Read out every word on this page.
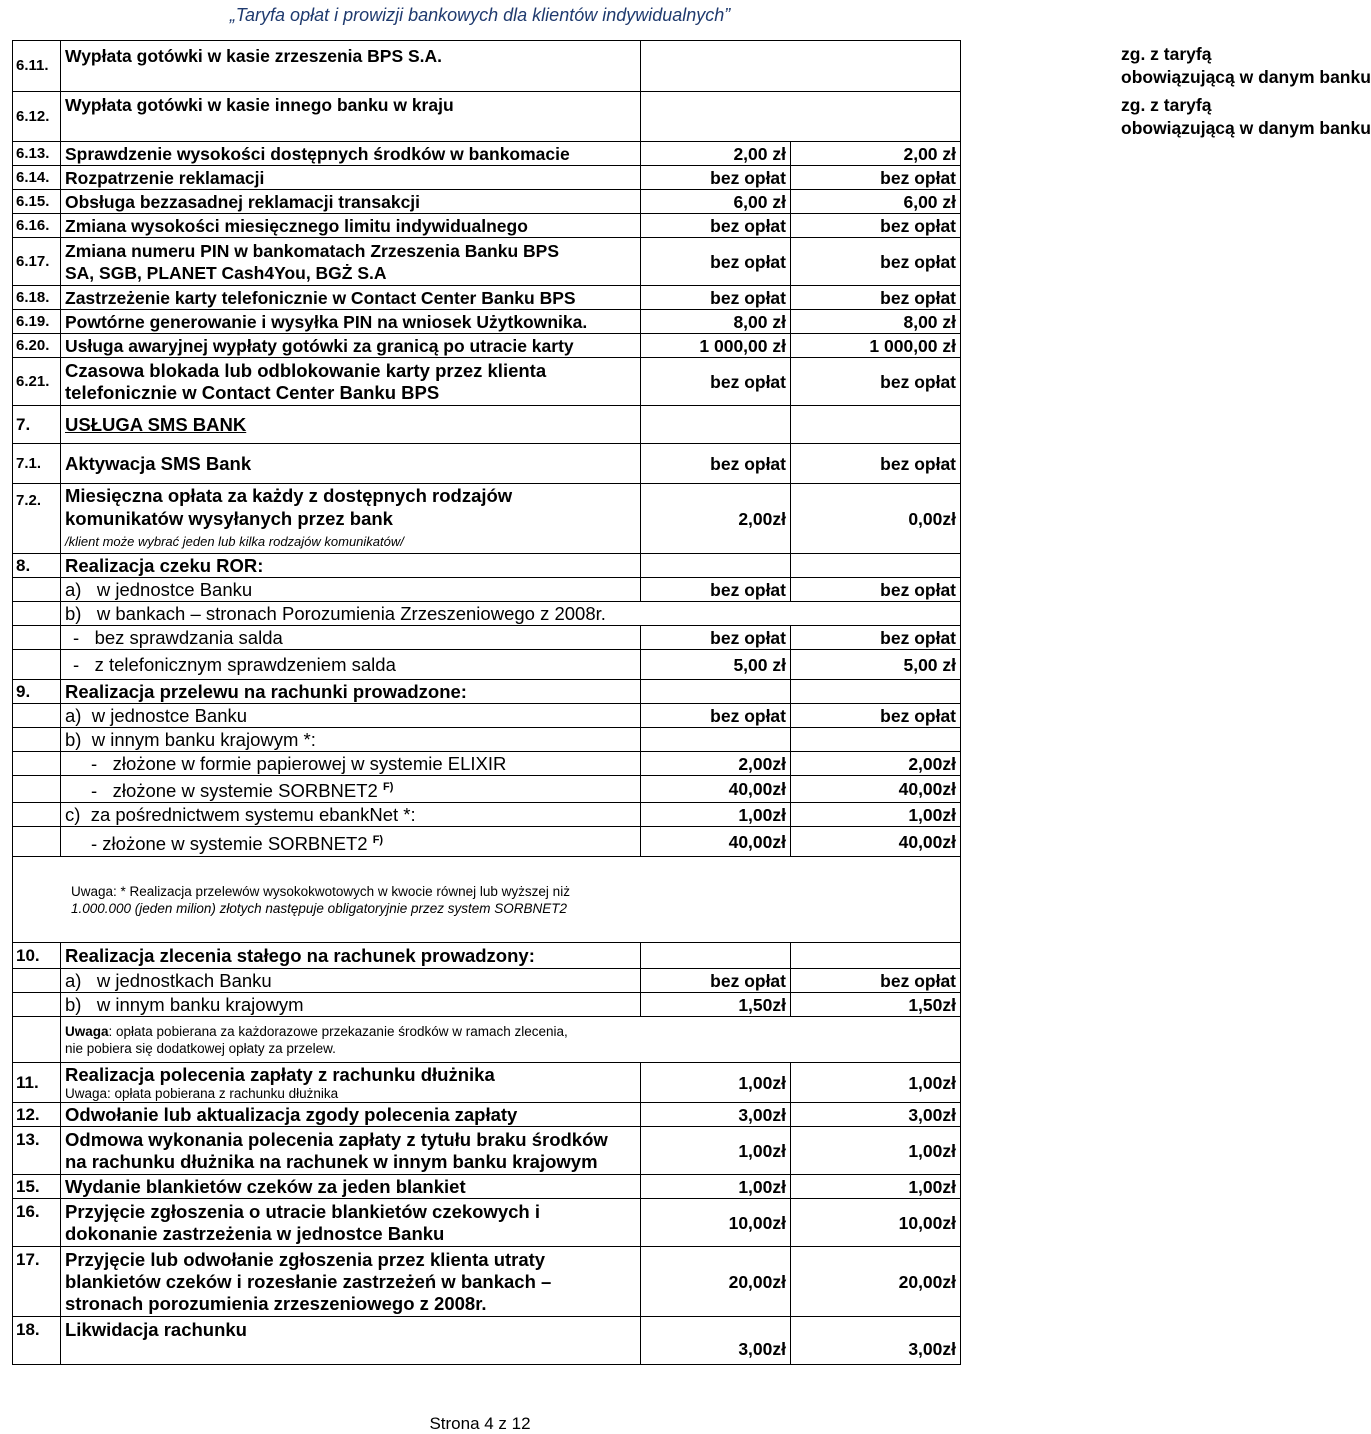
„Taryfa opłat i prowizji bankowych dla klientów indywidualnych”
6.11.	Wypłata gotówki w kasie zrzeszenia BPS S.A.	zg. z taryfą
obowiązującą w danym banku	

6.12.	Wypłata gotówki w kasie innego banku w kraju	zg. z taryfą
obowiązującą w danym banku	

6.13.	Sprawdzenie wysokości dostępnych środków w bankomacie	2,00 zł	2,00 zł
6.14.	Rozpatrzenie reklamacji	bez opłat	bez opłat
6.15.	Obsługa bezzasadnej reklamacji transakcji	6,00 zł	6,00 zł
6.16.	Zmiana wysokości miesięcznego limitu indywidualnego	bez opłat	bez opłat
6.17.	Zmiana numeru PIN w bankomatach Zrzeszenia Banku BPS
SA, SGB, PLANET Cash4You, BGŻ S.A	bez opłat	bez opłat
6.18.	Zastrzeżenie karty telefonicznie w Contact Center Banku BPS	bez opłat	bez opłat
6.19.	Powtórne generowanie i wysyłka PIN na wniosek Użytkownika.	8,00 zł	8,00 zł
6.20.	Usługa awaryjnej wypłaty gotówki za granicą po utracie karty	1 000,00 zł	1 000,00 zł
6.21.	Czasowa blokada lub odblokowanie karty przez klienta
telefonicznie w Contact Center Banku BPS	bez opłat	bez opłat
7.	USŁUGA SMS BANK		
7.1.	Aktywacja SMS Bank	bez opłat	bez opłat
7.2.	Miesięczna opłata za każdy z dostępnych rodzajów
komunikatów wysyłanych przez bank
/klient może wybrać jeden lub kilka rodzajów komunikatów/	2,00zł	0,00zł
8.	Realizacja czeku ROR:		
	a)   w jednostce Banku	bez opłat	bez opłat
	b)   w bankach – stronach Porozumienia Zrzeszeniowego z 2008r.		
	-   bez sprawdzania salda	bez opłat	bez opłat
	-   z telefonicznym sprawdzeniem salda	5,00 zł	5,00 zł
9.	Realizacja przelewu na rachunki prowadzone:		
	a)  w jednostce Banku	bez opłat	bez opłat
	b)  w innym banku krajowym *:		
	-   złożone w formie papierowej w systemie ELIXIR	2,00zł	2,00zł
	-   złożone w systemie SORBNET2 $^{F)}$	40,00zł	40,00zł
	c)  za pośrednictwem systemu ebankNet *:	1,00zł	1,00zł
	- złożone w systemie SORBNET2 $^{F)}$	40,00zł	40,00zł

Uwaga: * Realizacja przelewów wysokokwotowych w kwocie równej lub wyższej niż
1.000.000 (jeden milion) złotych następuje obligatoryjnie przez system SORBNET2			

10.	Realizacja zlecenia stałego na rachunek prowadzony:		
	a)   w jednostkach Banku	bez opłat	bez opłat
	b)   w innym banku krajowym	1,50zł	1,50zł

	Uwaga: opłata pobierana za każdorazowe przekazanie środków w ramach zlecenia,
nie pobiera się dodatkowej opłaty za przelew.		

11.	Realizacja polecenia zapłaty z rachunku dłużnika
Uwaga: opłata pobierana z rachunku dłużnika	1,00zł	1,00zł
12.	Odwołanie lub aktualizacja zgody polecenia zapłaty	3,00zł	3,00zł
13.	Odmowa wykonania polecenia zapłaty z tytułu braku środków
na rachunku dłużnika na rachunek w innym banku krajowym	1,00zł	1,00zł
15.	Wydanie blankietów czeków za jeden blankiet	1,00zł	1,00zł
16.	Przyjęcie zgłoszenia o utracie blankietów czekowych i
dokonanie zastrzeżenia w jednostce Banku	10,00zł	10,00zł
17.	Przyjęcie lub odwołanie zgłoszenia przez klienta utraty
blankietów czeków i rozesłanie zastrzeżeń w bankach –
stronach porozumienia zrzeszeniowego z 2008r.	20,00zł	20,00zł
18.	Likwidacja rachunku	3,00zł	3,00zł
Strona 4 z 12
